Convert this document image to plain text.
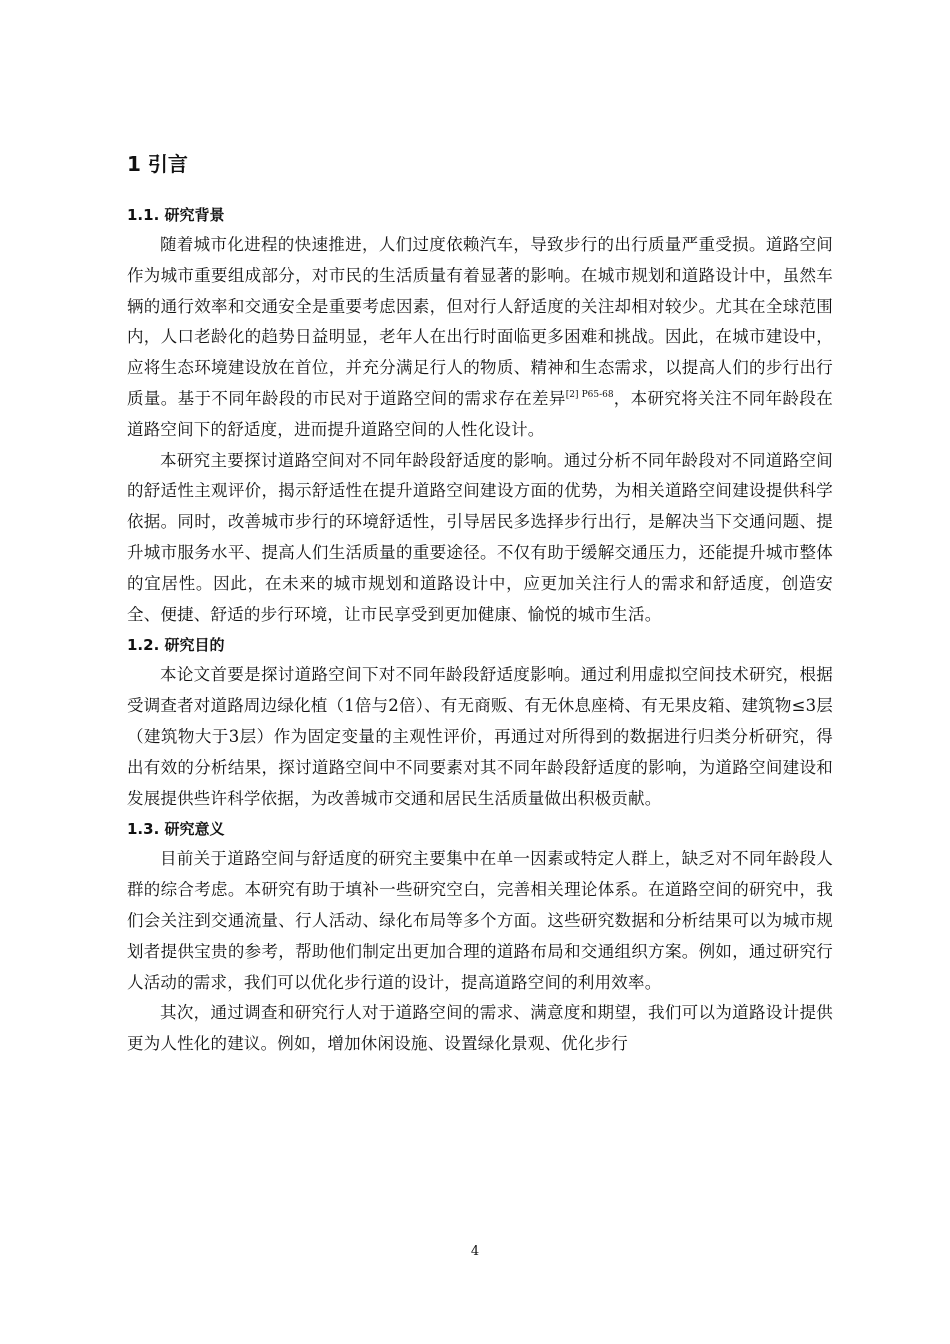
1 引言
1.1. 研究背景

随着城市化进程的快速推进，人们过度依赖汽车，导致步行的出行质量严重受损。道路空间作为城市重要组成部分，对市民的生活质量有着显著的影响。在城市规划和道路设计中，虽然车辆的通行效率和交通安全是重要考虑因素，但对行人舒适度的关注却相对较少。尤其在全球范围内，人口老龄化的趋势日益明显，老年人在出行时面临更多困难和挑战。因此，在城市建设中，应将生态环境建设放在首位，并充分满足行人的物质、精神和生态需求，以提高人们的步行出行质量。基于不同年龄段的市民对于道路空间的需求存在差异$^{[2] P65-68}$，本研究将关注不同年龄段在道路空间下的舒适度，进而提升道路空间的人性化设计。

本研究主要探讨道路空间对不同年龄段舒适度的影响。通过分析不同年龄段对不同道路空间的舒适性主观评价，揭示舒适性在提升道路空间建设方面的优势，为相关道路空间建设提供科学依据。同时，改善城市步行的环境舒适性，引导居民多选择步行出行，是解决当下交通问题、提升城市服务水平、提高人们生活质量的重要途径。不仅有助于缓解交通压力，还能提升城市整体的宜居性。因此，在未来的城市规划和道路设计中，应更加关注行人的需求和舒适度，创造安全、便捷、舒适的步行环境，让市民享受到更加健康、愉悦的城市生活。

1.2. 研究目的

本论文首要是探讨道路空间下对不同年龄段舒适度影响。通过利用虚拟空间技术研究，根据受调查者对道路周边绿化植（1倍与2倍）、有无商贩、有无休息座椅、有无果皮箱、建筑物≤3层（建筑物大于3层）作为固定变量的主观性评价，再通过对所得到的数据进行归类分析研究，得出有效的分析结果，探讨道路空间中不同要素对其不同年龄段舒适度的影响，为道路空间建设和发展提供些许科学依据，为改善城市交通和居民生活质量做出积极贡献。

1.3. 研究意义

目前关于道路空间与舒适度的研究主要集中在单一因素或特定人群上，缺乏对不同年龄段人群的综合考虑。本研究有助于填补一些研究空白，完善相关理论体系。在道路空间的研究中，我们会关注到交通流量、行人活动、绿化布局等多个方面。这些研究数据和分析结果可以为城市规划者提供宝贵的参考，帮助他们制定出更加合理的道路布局和交通组织方案。例如，通过研究行人活动的需求，我们可以优化步行道的设计，提高道路空间的利用效率。

其次，通过调查和研究行人对于道路空间的需求、满意度和期望，我们可以为道路设计提供更为人性化的建议。例如，增加休闲设施、设置绿化景观、优化步行

4
